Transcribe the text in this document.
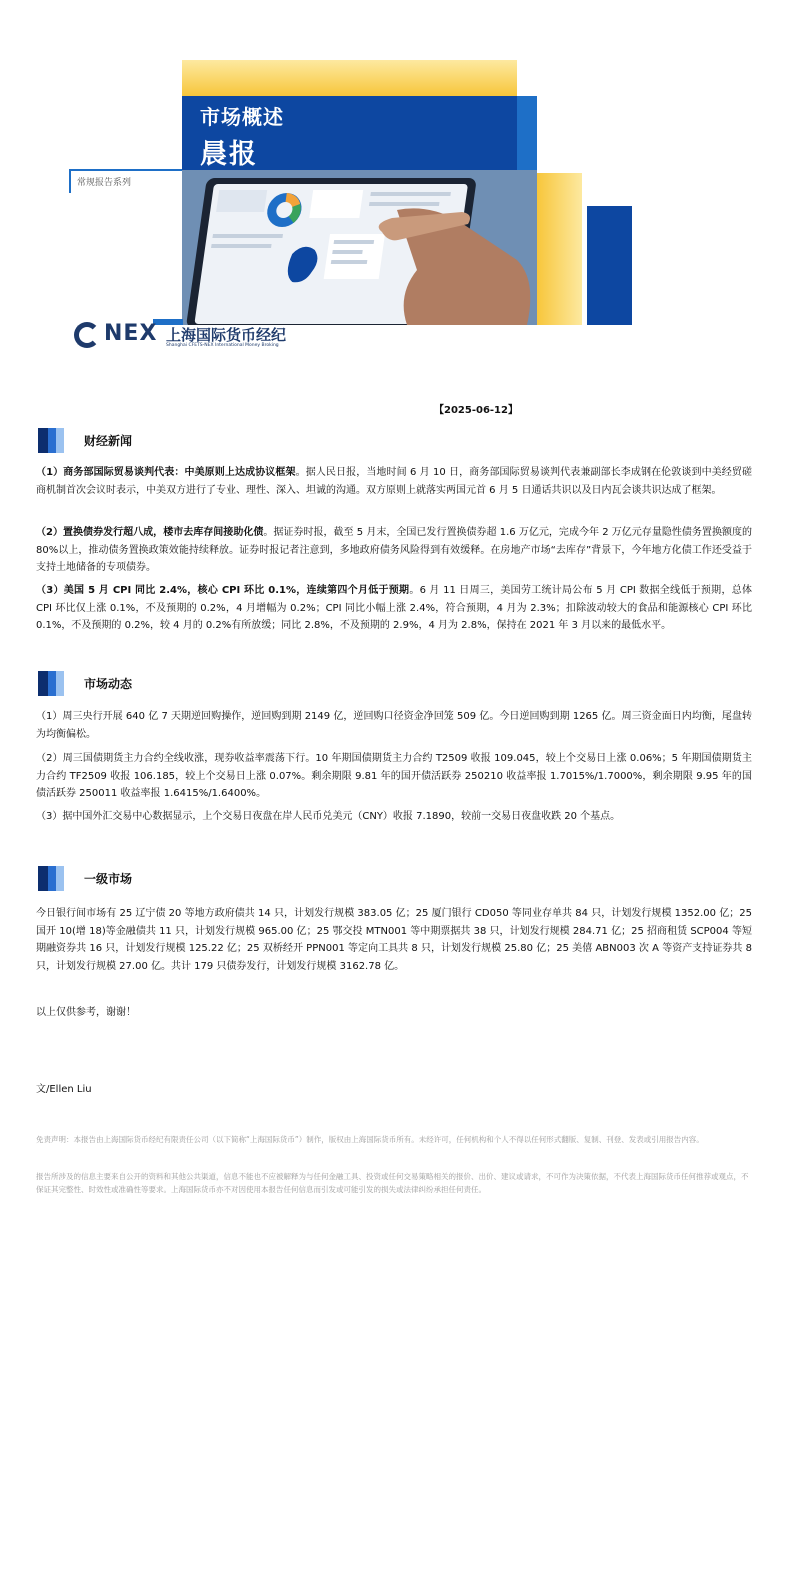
市场概述
晨报
常规报告系列
NEX 上海国际货币经纪
Shanghai CFETS-NEX International Money Broking
【2025-06-12】
财经新闻
（1）商务部国际贸易谈判代表：中美原则上达成协议框架。据人民日报，当地时间 6 月 10 日，商务部国际贸易谈判代表兼副部长李成钢在伦敦谈到中美经贸磋商机制首次会议时表示，中美双方进行了专业、理性、深入、坦诚的沟通。双方原则上就落实两国元首 6 月 5 日通话共识以及日内瓦会谈共识达成了框架。
（2）置换债券发行超八成，楼市去库存间接助化债。据证券时报，截至 5 月末，全国已发行置换债券超 1.6 万亿元，完成今年 2 万亿元存量隐性债务置换额度的 80%以上，推动债务置换政策效能持续释放。证券时报记者注意到，多地政府债务风险得到有效缓释。在房地产市场“去库存”背景下，今年地方化债工作还受益于支持土地储备的专项债券。
（3）美国 5 月 CPI 同比 2.4%，核心 CPI 环比 0.1%，连续第四个月低于预期。6 月 11 日周三，美国劳工统计局公布 5 月 CPI 数据全线低于预期，总体 CPI 环比仅上涨 0.1%，不及预期的 0.2%，4 月增幅为 0.2%；CPI 同比小幅上涨 2.4%，符合预期，4 月为 2.3%；扣除波动较大的食品和能源核心 CPI 环比 0.1%，不及预期的 0.2%，较 4 月的 0.2%有所放缓；同比 2.8%，不及预期的 2.9%，4 月为 2.8%，保持在 2021 年 3 月以来的最低水平。
市场动态
（1）周三央行开展 640 亿 7 天期逆回购操作，逆回购到期 2149 亿，逆回购口径资金净回笼 509 亿。今日逆回购到期 1265 亿。周三资金面日内均衡，尾盘转为均衡偏松。
（2）周三国债期货主力合约全线收涨，现券收益率震荡下行。10 年期国债期货主力合约 T2509 收报 109.045，较上个交易日上涨 0.06%；5 年期国债期货主力合约 TF2509 收报 106.185，较上个交易日上涨 0.07%。剩余期限 9.81 年的国开债活跃券 250210 收益率报 1.7015%/1.7000%，剩余期限 9.95 年的国债活跃券 250011 收益率报 1.6415%/1.6400%。
（3）据中国外汇交易中心数据显示，上个交易日夜盘在岸人民币兑美元（CNY）收报 7.1890，较前一交易日夜盘收跌 20 个基点。
一级市场
今日银行间市场有 25 辽宁债 20 等地方政府债共 14 只，计划发行规模 383.05 亿；25 厦门银行 CD050 等同业存单共 84 只，计划发行规模 1352.00 亿；25 国开 10(增 18)等金融债共 11 只，计划发行规模 965.00 亿；25 鄂交投 MTN001 等中期票据共 38 只，计划发行规模 284.71 亿；25 招商租赁 SCP004 等短期融资券共 16 只，计划发行规模 125.22 亿；25 双桥经开 PPN001 等定向工具共 8 只，计划发行规模 25.80 亿；25 美僖 ABN003 次 A 等资产支持证券共 8 只，计划发行规模 27.00 亿。共计 179 只债券发行，计划发行规模 3162.78 亿。
以上仅供参考，谢谢！
文/Ellen Liu
免责声明：本报告由上海国际货币经纪有限责任公司（以下简称“上海国际货币”）制作，版权由上海国际货币所有。未经许可，任何机构和个人不得以任何形式翻版、复制、刊登、发表或引用报告内容。
报告所涉及的信息主要来自公开的资料和其他公共渠道，信息不能也不应被解释为与任何金融工具、投资或任何交易策略相关的报价、出价、建议或请求，不可作为决策依据，不代表上海国际货币任何推荐或观点，不保证其完整性、时效性或准确性等要求。上海国际货币亦不对因使用本报告任何信息而引发或可能引发的损失或法律纠纷承担任何责任。
